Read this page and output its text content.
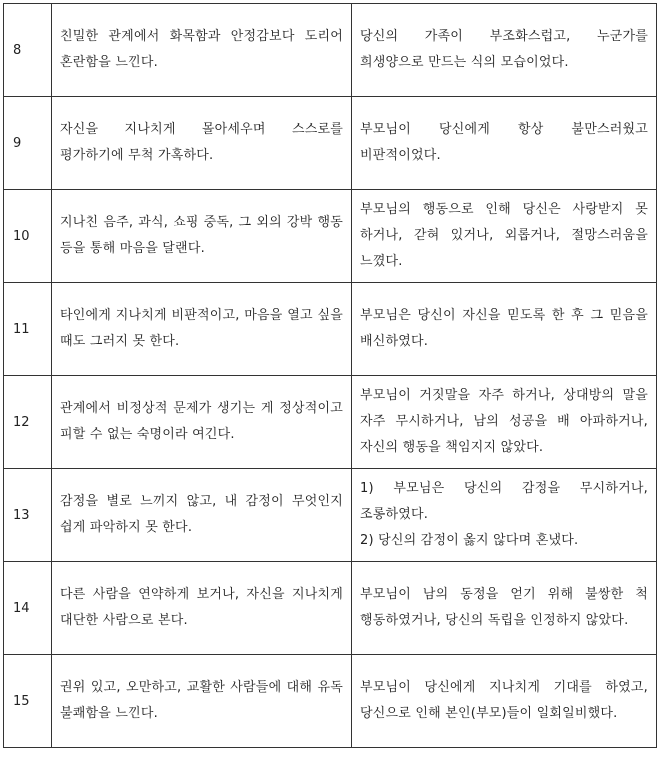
8	친밀한 관계에서 화목함과 안정감보다 도리어 혼란함을 느낀다.	당신의 가족이 부조화스럽고, 누군가를 희생양으로 만드는 식의 모습이었다.

9	자신을 지나치게 몰아세우며 스스로를 평가하기에 무척 가혹하다.	부모님이 당신에게 항상 불만스러웠고 비판적이었다.

10	지나친 음주, 과식, 쇼핑 중독, 그 외의 강박 행동 등을 통해 마음을 달랜다.	부모님의 행동으로 인해 당신은 사랑받지 못 하거나, 갇혀 있거나, 외롭거나, 절망스러움을 느꼈다.

11	타인에게 지나치게 비판적이고, 마음을 열고 싶을 때도 그러지 못 한다.	부모님은 당신이 자신을 믿도록 한 후 그 믿음을 배신하였다.

12	관계에서 비정상적 문제가 생기는 게 정상적이고 피할 수 없는 숙명이라 여긴다.	부모님이 거짓말을 자주 하거나, 상대방의 말을 자주 무시하거나, 남의 성공을 배 아파하거나, 자신의 행동을 책임지지 않았다.

13	감정을 별로 느끼지 않고, 내 감정이 무엇인지 쉽게 파악하지 못 한다.	1) 부모님은 당신의 감정을 무시하거나, 조롱하였다.
2) 당신의 감정이 옳지 않다며 혼냈다.

14	다른 사람을 연약하게 보거나, 자신을 지나치게 대단한 사람으로 본다.	부모님이 남의 동정을 얻기 위해 불쌍한 척 행동하였거나, 당신의 독립을 인정하지 않았다.

15	권위 있고, 오만하고, 교활한 사람들에 대해 유독 불쾌함을 느낀다.	부모님이 당신에게 지나치게 기대를 하였고, 당신으로 인해 본인(부모)들이 일회일비했다.
